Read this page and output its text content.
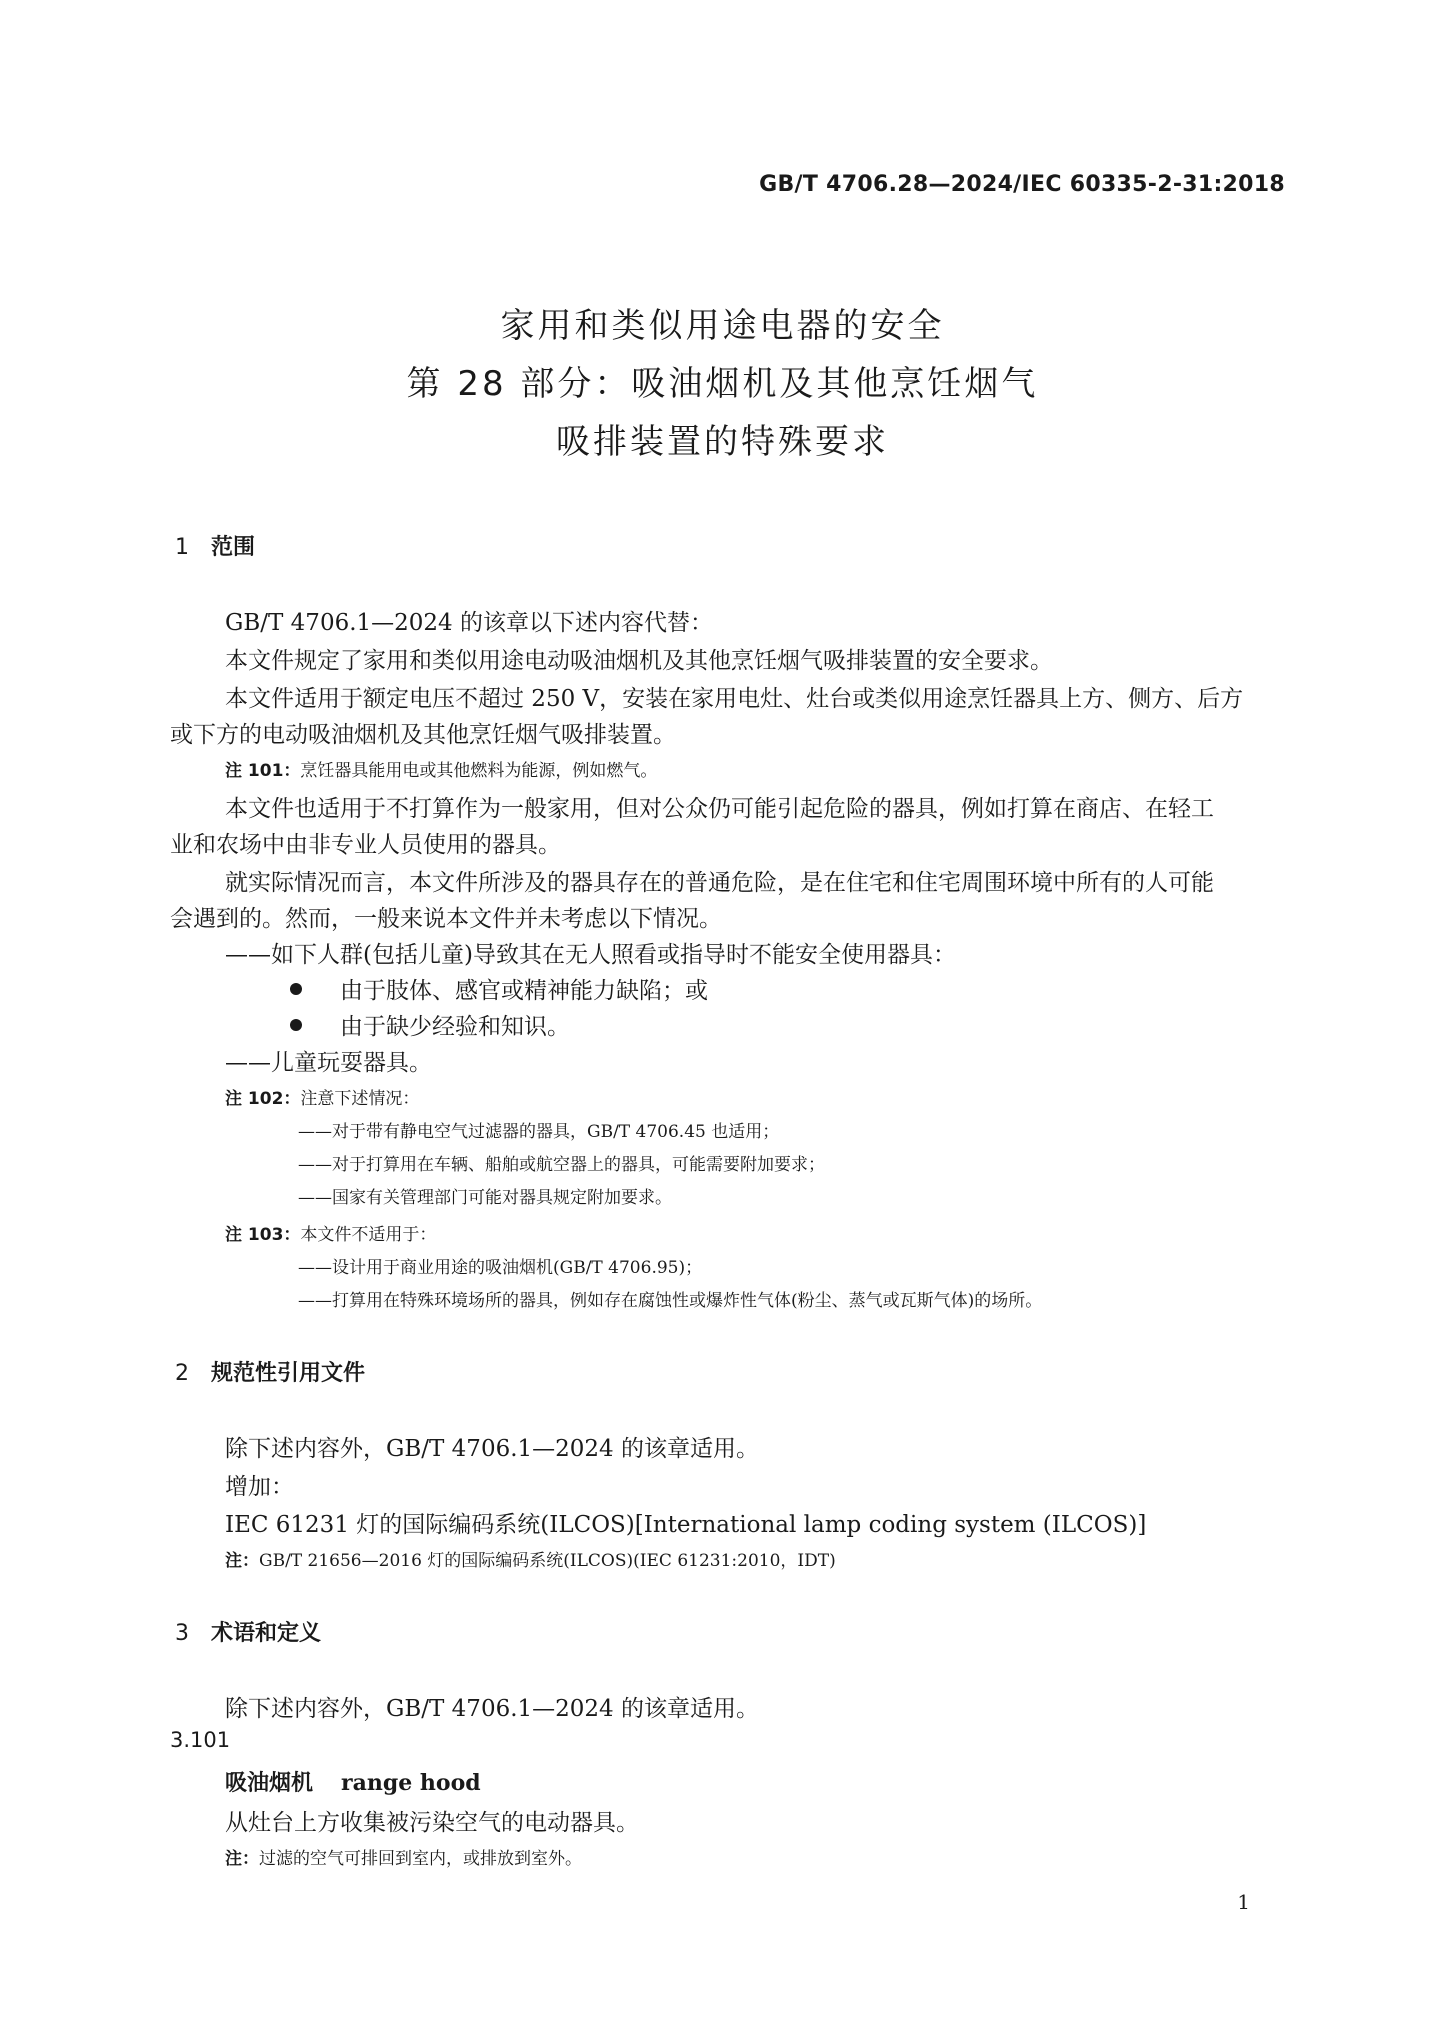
GB/T 4706.28—2024/IEC 60335-2-31:2018
家用和类似用途电器的安全
第 28 部分：吸油烟机及其他烹饪烟气
吸排装置的特殊要求
1 范围
GB/T 4706.1—2024 的该章以下述内容代替：
本文件规定了家用和类似用途电动吸油烟机及其他烹饪烟气吸排装置的安全要求。
本文件适用于额定电压不超过 250 V，安装在家用电灶、灶台或类似用途烹饪器具上方、侧方、后方
或下方的电动吸油烟机及其他烹饪烟气吸排装置。
注 101：烹饪器具能用电或其他燃料为能源，例如燃气。
本文件也适用于不打算作为一般家用，但对公众仍可能引起危险的器具，例如打算在商店、在轻工
业和农场中由非专业人员使用的器具。
就实际情况而言，本文件所涉及的器具存在的普通危险，是在住宅和住宅周围环境中所有的人可能
会遇到的。然而，一般来说本文件并未考虑以下情况。
——如下人群(包括儿童)导致其在无人照看或指导时不能安全使用器具：
由于肢体、感官或精神能力缺陷；或
由于缺少经验和知识。
——儿童玩耍器具。
注 102：注意下述情况：
——对于带有静电空气过滤器的器具，GB/T 4706.45 也适用；
——对于打算用在车辆、船舶或航空器上的器具，可能需要附加要求；
——国家有关管理部门可能对器具规定附加要求。
注 103：本文件不适用于：
——设计用于商业用途的吸油烟机(GB/T 4706.95)；
——打算用在特殊环境场所的器具，例如存在腐蚀性或爆炸性气体(粉尘、蒸气或瓦斯气体)的场所。
2 规范性引用文件
除下述内容外，GB/T 4706.1—2024 的该章适用。
增加：
IEC 61231 灯的国际编码系统(ILCOS)[International lamp coding system (ILCOS)]
注：GB/T 21656—2016 灯的国际编码系统(ILCOS)(IEC 61231:2010，IDT)
3 术语和定义
除下述内容外，GB/T 4706.1—2024 的该章适用。
3.101
吸油烟机 range hood
从灶台上方收集被污染空气的电动器具。
注：过滤的空气可排回到室内，或排放到室外。
1
